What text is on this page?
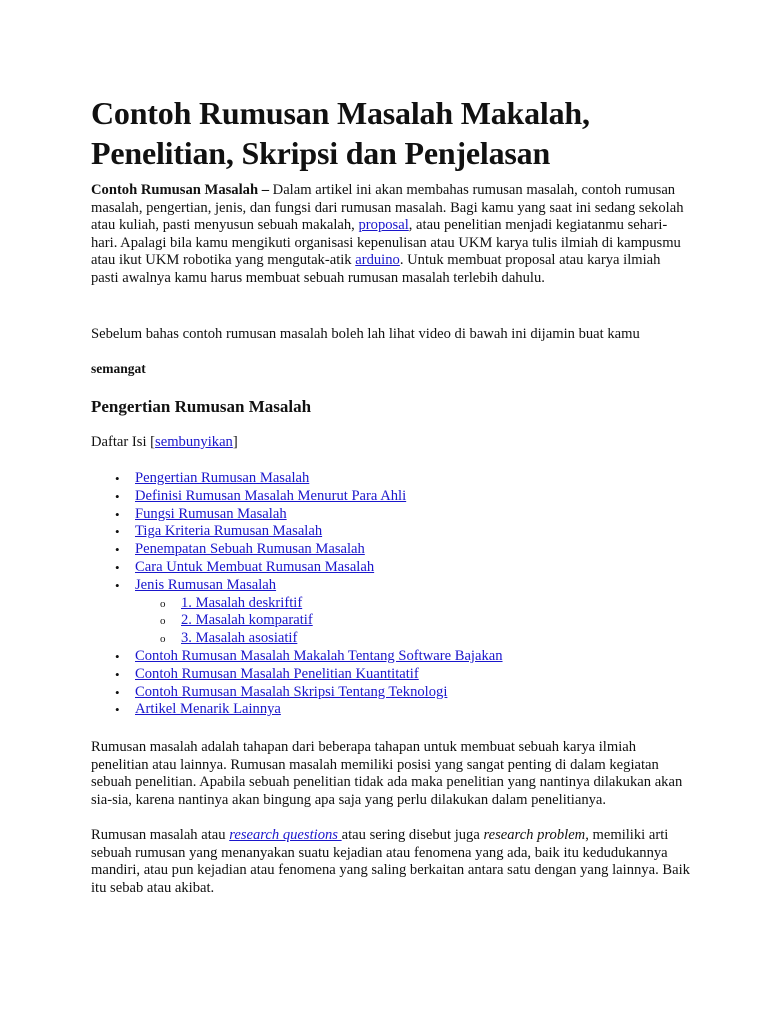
Contoh Rumusan Masalah Makalah,
Penelitian, Skripsi dan Penjelasan

Contoh Rumusan Masalah – Dalam artikel ini akan membahas rumusan masalah, contoh rumusan masalah, pengertian, jenis, dan fungsi dari rumusan masalah. Bagi kamu yang saat ini sedang sekolah atau kuliah, pasti menyusun sebuah makalah, proposal, atau penelitian menjadi kegiatanmu sehari-hari. Apalagi bila kamu mengikuti organisasi kepenulisan atau UKM karya tulis ilmiah di kampusmu atau ikut UKM robotika yang mengutak-atik arduino. Untuk membuat proposal atau karya ilmiah pasti awalnya kamu harus membuat sebuah rumusan masalah terlebih dahulu.

Sebelum bahas contoh rumusan masalah boleh lah lihat video di bawah ini dijamin buat kamu

semangat

Pengertian Rumusan Masalah

Daftar Isi [sembunyikan]

• Pengertian Rumusan Masalah
• Definisi Rumusan Masalah Menurut Para Ahli
• Fungsi Rumusan Masalah
• Tiga Kriteria Rumusan Masalah
• Penempatan Sebuah Rumusan Masalah
• Cara Untuk Membuat Rumusan Masalah
• Jenis Rumusan Masalah
o 1. Masalah deskriftif
o 2. Masalah komparatif
o 3. Masalah asosiatif
• Contoh Rumusan Masalah Makalah Tentang Software Bajakan
• Contoh Rumusan Masalah Penelitian Kuantitatif
• Contoh Rumusan Masalah Skripsi Tentang Teknologi
• Artikel Menarik Lainnya

Rumusan masalah adalah tahapan dari beberapa tahapan untuk membuat sebuah karya ilmiah penelitian atau lainnya. Rumusan masalah memiliki posisi yang sangat penting di dalam kegiatan sebuah penelitian. Apabila sebuah penelitian tidak ada maka penelitian yang nantinya dilakukan akan sia-sia, karena nantinya akan bingung apa saja yang perlu dilakukan dalam penelitianya.

Rumusan masalah atau research questions atau sering disebut juga research problem, memiliki arti sebuah rumusan yang menanyakan suatu kejadian atau fenomena yang ada, baik itu kedudukannya mandiri, atau pun kejadian atau fenomena yang saling berkaitan antara satu dengan yang lainnya. Baik itu sebab atau akibat.
